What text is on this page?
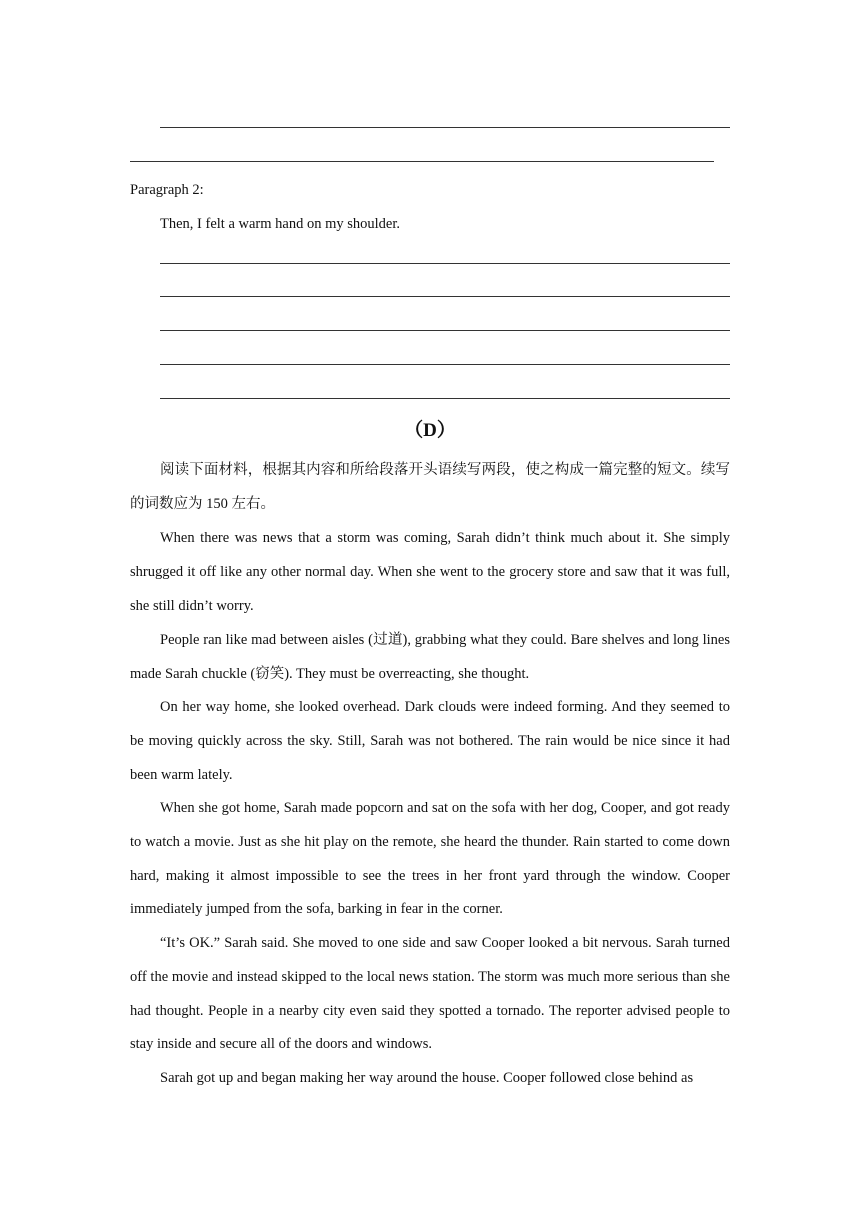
Paragraph 2:
Then, I felt a warm hand on my shoulder.
（D）

阅读下面材料，根据其内容和所给段落开头语续写两段，使之构成一篇完整的短文。续写的词数应为 150 左右。

When there was news that a storm was coming, Sarah didn’t think much about it. She simply shrugged it off like any other normal day. When she went to the grocery store and saw that it was full, she still didn’t worry.

People ran like mad between aisles (过道), grabbing what they could. Bare shelves and long lines made Sarah chuckle (窃笑). They must be overreacting, she thought.

On her way home, she looked overhead. Dark clouds were indeed forming. And they seemed to be moving quickly across the sky. Still, Sarah was not bothered. The rain would be nice since it had been warm lately.

When she got home, Sarah made popcorn and sat on the sofa with her dog, Cooper, and got ready to watch a movie. Just as she hit play on the remote, she heard the thunder. Rain started to come down hard, making it almost impossible to see the trees in her front yard through the window. Cooper immediately jumped from the sofa, barking in fear in the corner.

“It’s OK.” Sarah said. She moved to one side and saw Cooper looked a bit nervous. Sarah turned off the movie and instead skipped to the local news station. The storm was much more serious than she had thought. People in a nearby city even said they spotted a tornado. The reporter advised people to stay inside and secure all of the doors and windows.

Sarah got up and began making her way around the house. Cooper followed close behind as
